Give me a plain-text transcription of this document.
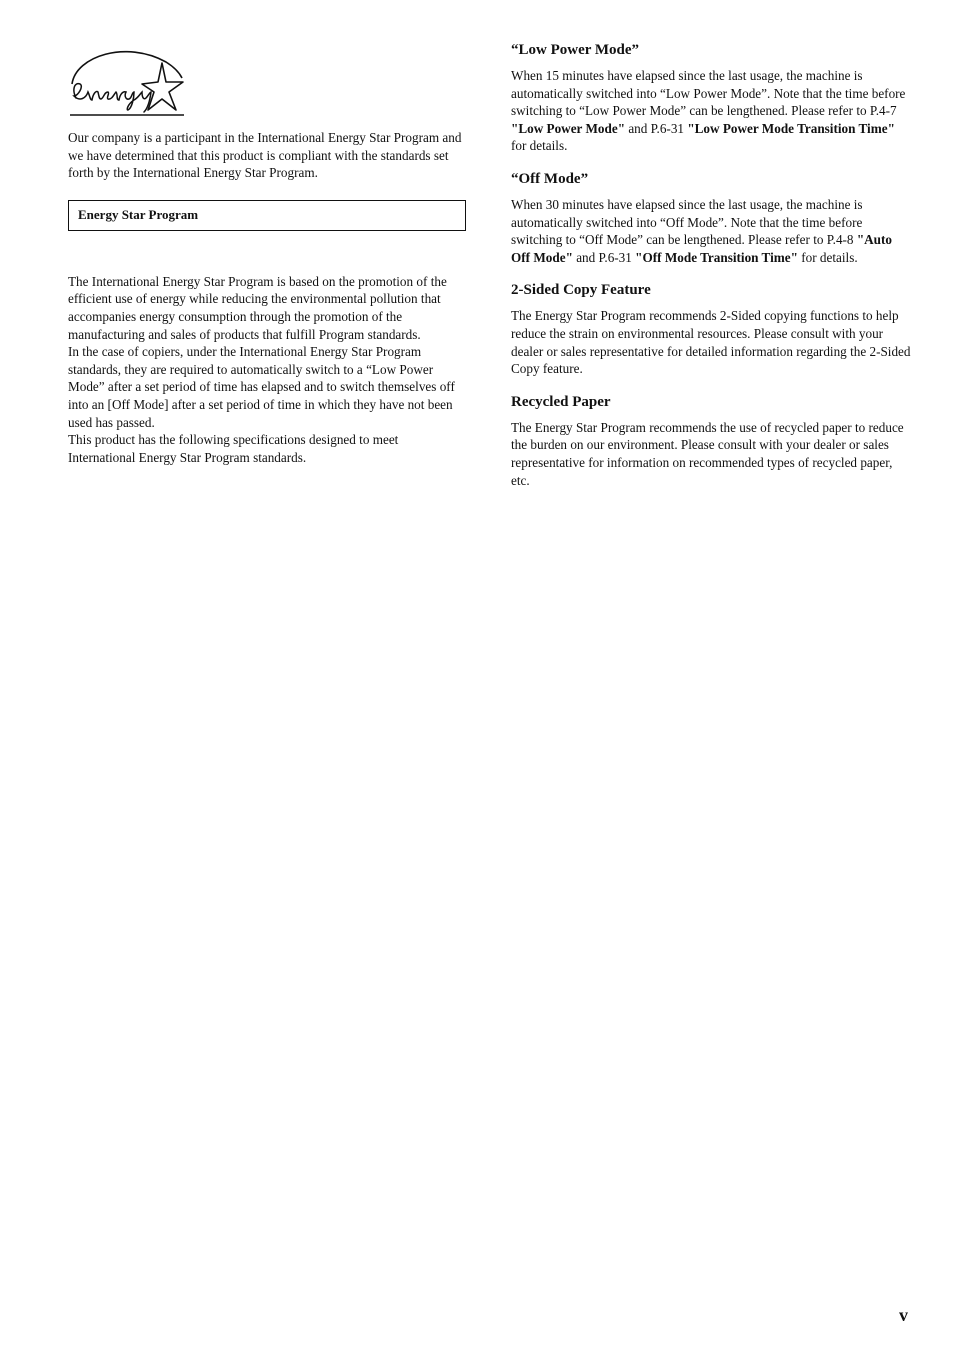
Our company is a participant in the International Energy Star Program and we have determined that this product is compliant with the standards set forth by the International Energy Star Program.

Energy Star Program

The International Energy Star Program is based on the promotion of the efficient use of energy while reducing the environmental pollution that accompanies energy consumption through the promotion of the manufacturing and sales of products that fulfill Program standards.

In the case of copiers, under the International Energy Star Program standards, they are required to automatically switch to a “Low Power Mode” after a set period of time has elapsed and to switch themselves off into an [Off Mode] after a set period of time in which they have not been used has passed.

This product has the following specifications designed to meet International Energy Star Program standards.

“Low Power Mode”

When 15 minutes have elapsed since the last usage, the machine is automatically switched into “Low Power Mode”. Note that the time before switching to “Low Power Mode” can be lengthened. Please refer to P.4-7 "Low Power Mode" and P.6-31 "Low Power Mode Transition Time" for details.

“Off Mode”

When 30 minutes have elapsed since the last usage, the machine is automatically switched into “Off Mode”. Note that the time before switching to “Off Mode” can be lengthened. Please refer to P.4-8 "Auto Off Mode" and P.6-31 "Off Mode Transition Time" for details.

2-Sided Copy Feature

The Energy Star Program recommends 2-Sided copying functions to help reduce the strain on environmental resources. Please consult with your dealer or sales representative for detailed information regarding the 2-Sided Copy feature.

Recycled Paper

The Energy Star Program recommends the use of recycled paper to reduce the burden on our environment. Please consult with your dealer or sales representative for information on recommended types of recycled paper, etc.

v
